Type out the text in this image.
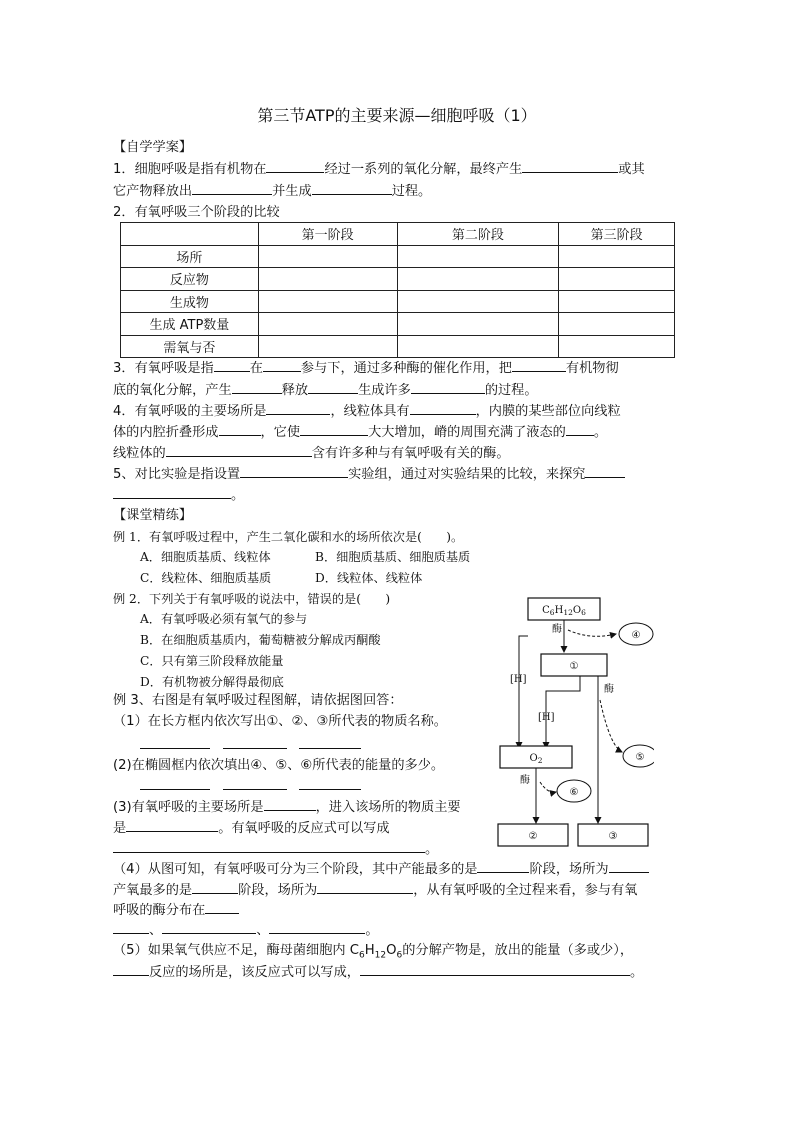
第三节ATP的主要来源—细胞呼吸（1）
【自学学案】
1．细胞呼吸是指有机物在	经过一系列的氧化分解，最终产生	或其
它产物释放出	并生成	过程。
2．有氧呼吸三个阶段的比较
	第一阶段	第二阶段	第三阶段
场所			
反应物			
生成物			
生成 ATP数量			
需氧与否			
3．有氧呼吸是指	在	参与下，通过多种酶的催化作用，把	有机物彻
底的氧化分解，产生	释放	生成许多	的过程。
4．有氧呼吸的主要场所是	，线粒体具有	，内膜的某些部位向线粒
体的内腔折叠形成	，它使	大大增加，嵴的周围充满了液态的 。
线粒体的	含有许多种与有氧呼吸有关的酶。
5、对比实验是指设置	实验组，通过对实验结果的比较，来探究
。
【课堂精练】
例 1．有氧呼吸过程中，产生二氧化碳和水的场所依次是(　　)。
A．细胞质基质、线粒体	B．细胞质基质、细胞质基质
C．线粒体、细胞质基质	D．线粒体、线粒体
例 2．下列关于有氧呼吸的说法中，错误的是(　　)
A．有氧呼吸必须有氧气的参与
B．在细胞质基质内，葡萄糖被分解成丙酮酸
C．只有第三阶段释放能量
D．有机物被分解得最彻底
例 3、右图是有氧呼吸过程图解，请依据图回答：
（1）在长方框内依次写出①、②、③所代表的物质名称。

(2)在椭圆框内依次填出④、⑤、⑥所代表的能量的多少。

(3)有氧呼吸的主要场所是	，进入该场所的物质主要
是	。有氧呼吸的反应式可以写成
。
（4）从图可知，有氧呼吸可分为三个阶段，其中产能最多的是	阶段，场所为
产氧最多的是	阶段，场所为	，从有氧呼吸的全过程来看，参与有氧
呼吸的酶分布在
、	、	。
（5）如果氧气供应不足，酶母菌细胞内 $C_6H_{12}O_6$的分解产物是，放出的能量（多或少），
反应的场所是，该反应式可以写成，	。
$C_6H_{12}O_6$
酶
④
①
[H]
酶
[H]
⑤
$O_2$
酶
⑥
②	③
